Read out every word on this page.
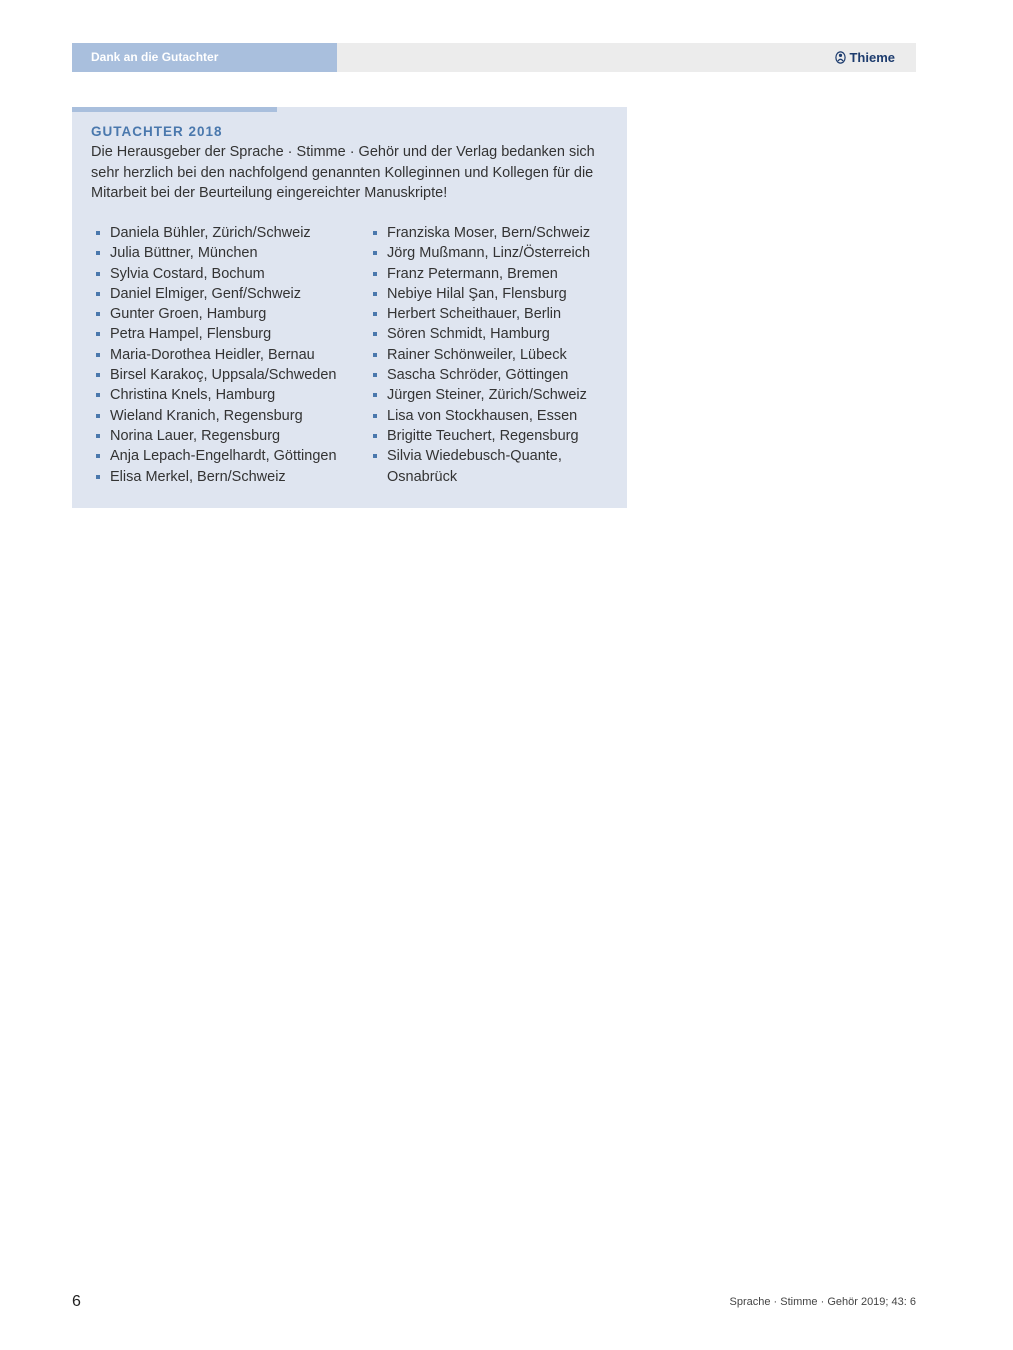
Dank an die Gutachter	Thieme
GUTACHTER 2018
Die Herausgeber der Sprache · Stimme · Gehör und der Verlag bedanken sich sehr herzlich bei den nachfolgend genannten Kolleginnen und Kollegen für die Mitarbeit bei der Beurteilung eingereichter Manuskripte!
Daniela Bühler, Zürich/Schweiz
Julia Büttner, München
Sylvia Costard, Bochum
Daniel Elmiger, Genf/Schweiz
Gunter Groen, Hamburg
Petra Hampel, Flensburg
Maria-Dorothea Heidler, Bernau
Birsel Karakoç, Uppsala/Schweden
Christina Knels, Hamburg
Wieland Kranich, Regensburg
Norina Lauer, Regensburg
Anja Lepach-Engelhardt, Göttingen
Elisa Merkel, Bern/Schweiz
Franziska Moser, Bern/Schweiz
Jörg Mußmann, Linz/Österreich
Franz Petermann, Bremen
Nebiye Hilal Şan, Flensburg
Herbert Scheithauer, Berlin
Sören Schmidt, Hamburg
Rainer Schönweiler, Lübeck
Sascha Schröder, Göttingen
Jürgen Steiner, Zürich/Schweiz
Lisa von Stockhausen, Essen
Brigitte Teuchert, Regensburg
Silvia Wiedebusch-Quante, Osnabrück
6	Sprache · Stimme · Gehör 2019; 43: 6
